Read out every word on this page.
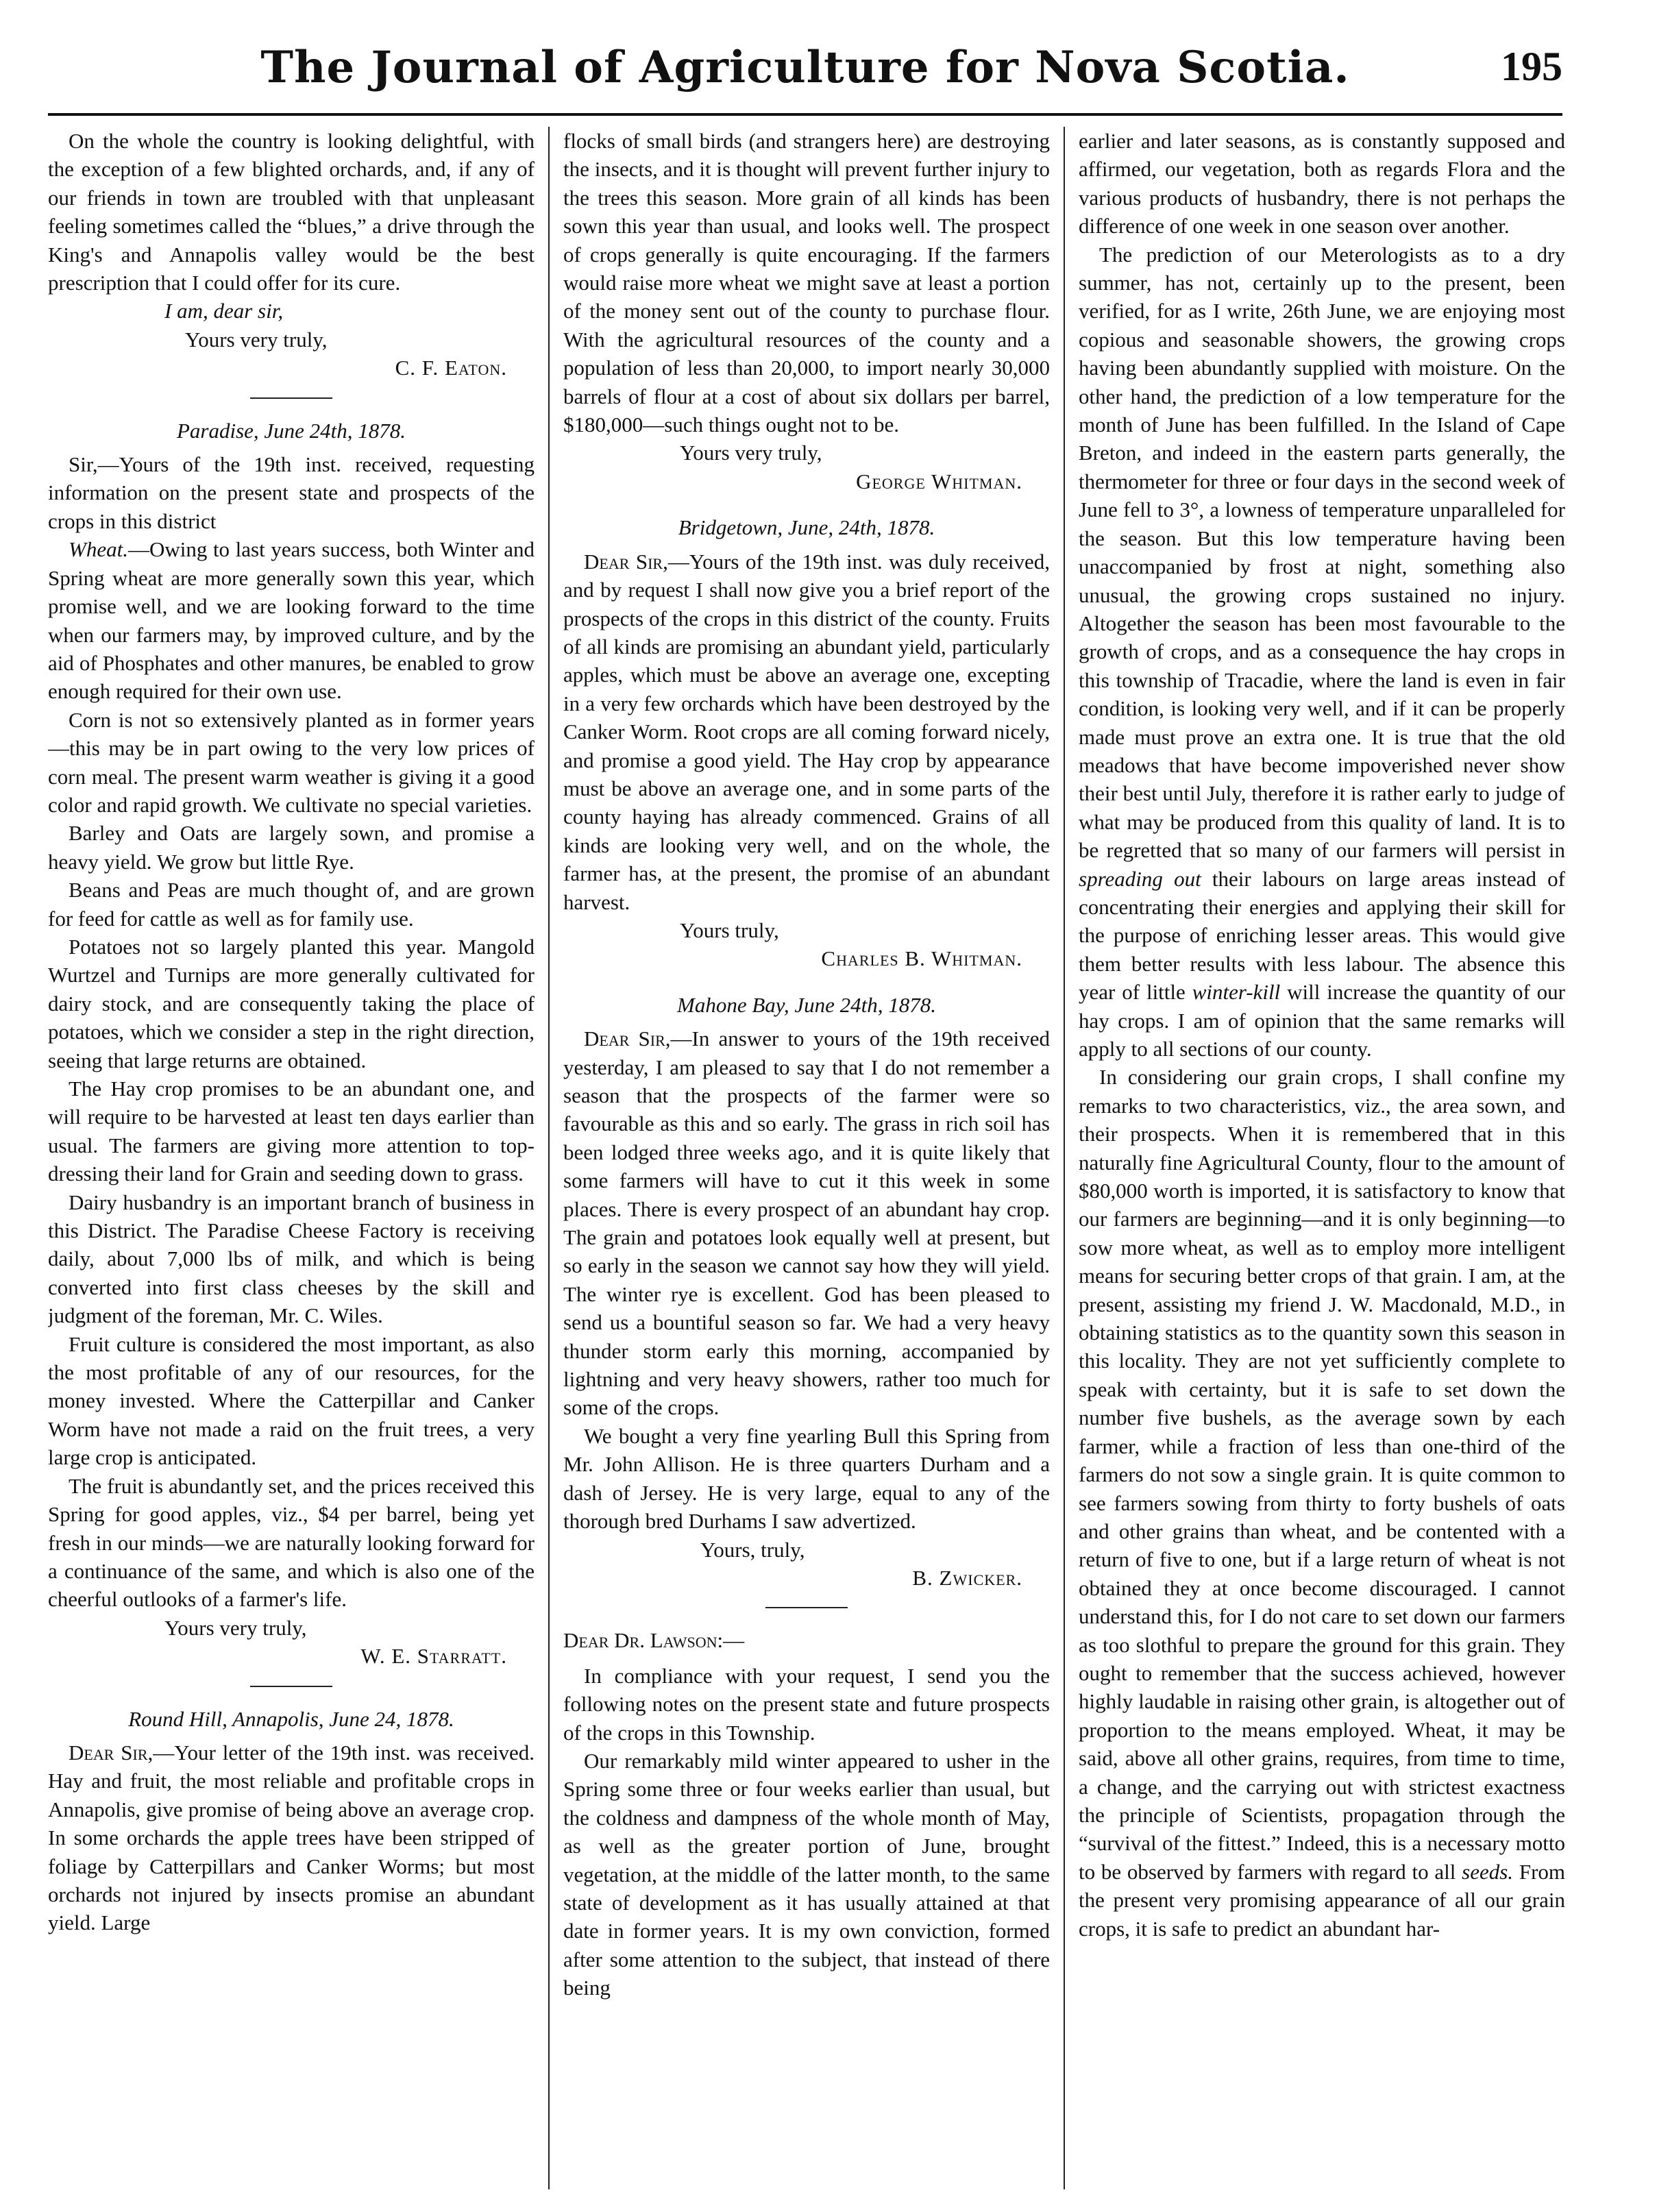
The Journal of Agriculture for Nova Scotia.	195

On the whole the country is looking delightful, with the exception of a few blighted orchards, and, if any of our friends in town are troubled with that unpleasant feeling sometimes called the “blues,” a drive through the King's and Annapolis valley would be the best prescription that I could offer for its cure.

I am, dear sir,

Yours very truly,

C. F. Eaton.

Paradise, June 24th, 1878.

Sir,—Yours of the 19th inst. received, requesting information on the present state and prospects of the crops in this district

Wheat.—Owing to last years success, both Winter and Spring wheat are more generally sown this year, which promise well, and we are looking forward to the time when our farmers may, by improved culture, and by the aid of Phosphates and other manures, be enabled to grow enough required for their own use.

Corn is not so extensively planted as in former years—this may be in part owing to the very low prices of corn meal. The present warm weather is giving it a good color and rapid growth. We cultivate no special varieties.

Barley and Oats are largely sown, and promise a heavy yield. We grow but little Rye.

Beans and Peas are much thought of, and are grown for feed for cattle as well as for family use.

Potatoes not so largely planted this year. Mangold Wurtzel and Turnips are more generally cultivated for dairy stock, and are consequently taking the place of potatoes, which we consider a step in the right direction, seeing that large returns are obtained.

The Hay crop promises to be an abundant one, and will require to be harvested at least ten days earlier than usual. The farmers are giving more attention to top-dressing their land for Grain and seeding down to grass.

Dairy husbandry is an important branch of business in this District. The Paradise Cheese Factory is receiving daily, about 7,000 lbs of milk, and which is being converted into first class cheeses by the skill and judgment of the foreman, Mr. C. Wiles.

Fruit culture is considered the most important, as also the most profitable of any of our resources, for the money invested. Where the Catterpillar and Canker Worm have not made a raid on the fruit trees, a very large crop is anticipated.

The fruit is abundantly set, and the prices received this Spring for good apples, viz., $4 per barrel, being yet fresh in our minds—we are naturally looking forward for a continuance of the same, and which is also one of the cheerful outlooks of a farmer's life.

Yours very truly,

W. E. Starratt.

Round Hill, Annapolis, June 24, 1878.

Dear Sir,—Your letter of the 19th inst. was received. Hay and fruit, the most reliable and profitable crops in Annapolis, give promise of being above an average crop. In some orchards the apple trees have been stripped of foliage by Catterpillars and Canker Worms; but most orchards not injured by insects promise an abundant yield. Large

flocks of small birds (and strangers here) are destroying the insects, and it is thought will prevent further injury to the trees this season. More grain of all kinds has been sown this year than usual, and looks well. The prospect of crops generally is quite encouraging. If the farmers would raise more wheat we might save at least a portion of the money sent out of the county to purchase flour. With the agricultural resources of the county and a population of less than 20,000, to import nearly 30,000 barrels of flour at a cost of about six dollars per barrel, $180,000—such things ought not to be.

Yours very truly,

George Whitman.

Bridgetown, June, 24th, 1878.

Dear Sir,—Yours of the 19th inst. was duly received, and by request I shall now give you a brief report of the prospects of the crops in this district of the county. Fruits of all kinds are promising an abundant yield, particularly apples, which must be above an average one, excepting in a very few orchards which have been destroyed by the Canker Worm. Root crops are all coming forward nicely, and promise a good yield. The Hay crop by appearance must be above an average one, and in some parts of the county haying has already commenced. Grains of all kinds are looking very well, and on the whole, the farmer has, at the present, the promise of an abundant harvest.

Yours truly,

Charles B. Whitman.

Mahone Bay, June 24th, 1878.

Dear Sir,—In answer to yours of the 19th received yesterday, I am pleased to say that I do not remember a season that the prospects of the farmer were so favourable as this and so early. The grass in rich soil has been lodged three weeks ago, and it is quite likely that some farmers will have to cut it this week in some places. There is every prospect of an abundant hay crop. The grain and potatoes look equally well at present, but so early in the season we cannot say how they will yield. The winter rye is excellent. God has been pleased to send us a bountiful season so far. We had a very heavy thunder storm early this morning, accompanied by lightning and very heavy showers, rather too much for some of the crops.

We bought a very fine yearling Bull this Spring from Mr. John Allison. He is three quarters Durham and a dash of Jersey. He is very large, equal to any of the thorough bred Durhams I saw advertized.

Yours, truly,

B. Zwicker.

Dear Dr. Lawson:—

In compliance with your request, I send you the following notes on the present state and future prospects of the crops in this Township.

Our remarkably mild winter appeared to usher in the Spring some three or four weeks earlier than usual, but the coldness and dampness of the whole month of May, as well as the greater portion of June, brought vegetation, at the middle of the latter month, to the same state of development as it has usually attained at that date in former years. It is my own conviction, formed after some attention to the subject, that instead of there being

earlier and later seasons, as is constantly supposed and affirmed, our vegetation, both as regards Flora and the various products of husbandry, there is not perhaps the difference of one week in one season over another.

The prediction of our Meterologists as to a dry summer, has not, certainly up to the present, been verified, for as I write, 26th June, we are enjoying most copious and seasonable showers, the growing crops having been abundantly supplied with moisture. On the other hand, the prediction of a low temperature for the month of June has been fulfilled. In the Island of Cape Breton, and indeed in the eastern parts generally, the thermometer for three or four days in the second week of June fell to 3°, a lowness of temperature unparalleled for the season. But this low temperature having been unaccompanied by frost at night, something also unusual, the growing crops sustained no injury. Altogether the season has been most favourable to the growth of crops, and as a consequence the hay crops in this township of Tracadie, where the land is even in fair condition, is looking very well, and if it can be properly made must prove an extra one. It is true that the old meadows that have become impoverished never show their best until July, therefore it is rather early to judge of what may be produced from this quality of land. It is to be regretted that so many of our farmers will persist in spreading out their labours on large areas instead of concentrating their energies and applying their skill for the purpose of enriching lesser areas. This would give them better results with less labour. The absence this year of little winter-kill will increase the quantity of our hay crops. I am of opinion that the same remarks will apply to all sections of our county.

In considering our grain crops, I shall confine my remarks to two characteristics, viz., the area sown, and their prospects. When it is remembered that in this naturally fine Agricultural County, flour to the amount of $80,000 worth is imported, it is satisfactory to know that our farmers are beginning—and it is only beginning—to sow more wheat, as well as to employ more intelligent means for securing better crops of that grain. I am, at the present, assisting my friend J. W. Macdonald, M.D., in obtaining statistics as to the quantity sown this season in this locality. They are not yet sufficiently complete to speak with certainty, but it is safe to set down the number five bushels, as the average sown by each farmer, while a fraction of less than one-third of the farmers do not sow a single grain. It is quite common to see farmers sowing from thirty to forty bushels of oats and other grains than wheat, and be contented with a return of five to one, but if a large return of wheat is not obtained they at once become discouraged. I cannot understand this, for I do not care to set down our farmers as too slothful to prepare the ground for this grain. They ought to remember that the success achieved, however highly laudable in raising other grain, is altogether out of proportion to the means employed. Wheat, it may be said, above all other grains, requires, from time to time, a change, and the carrying out with strictest exactness the principle of Scientists, propagation through the “survival of the fittest.” Indeed, this is a necessary motto to be observed by farmers with regard to all seeds. From the present very promising appearance of all our grain crops, it is safe to predict an abundant har-
